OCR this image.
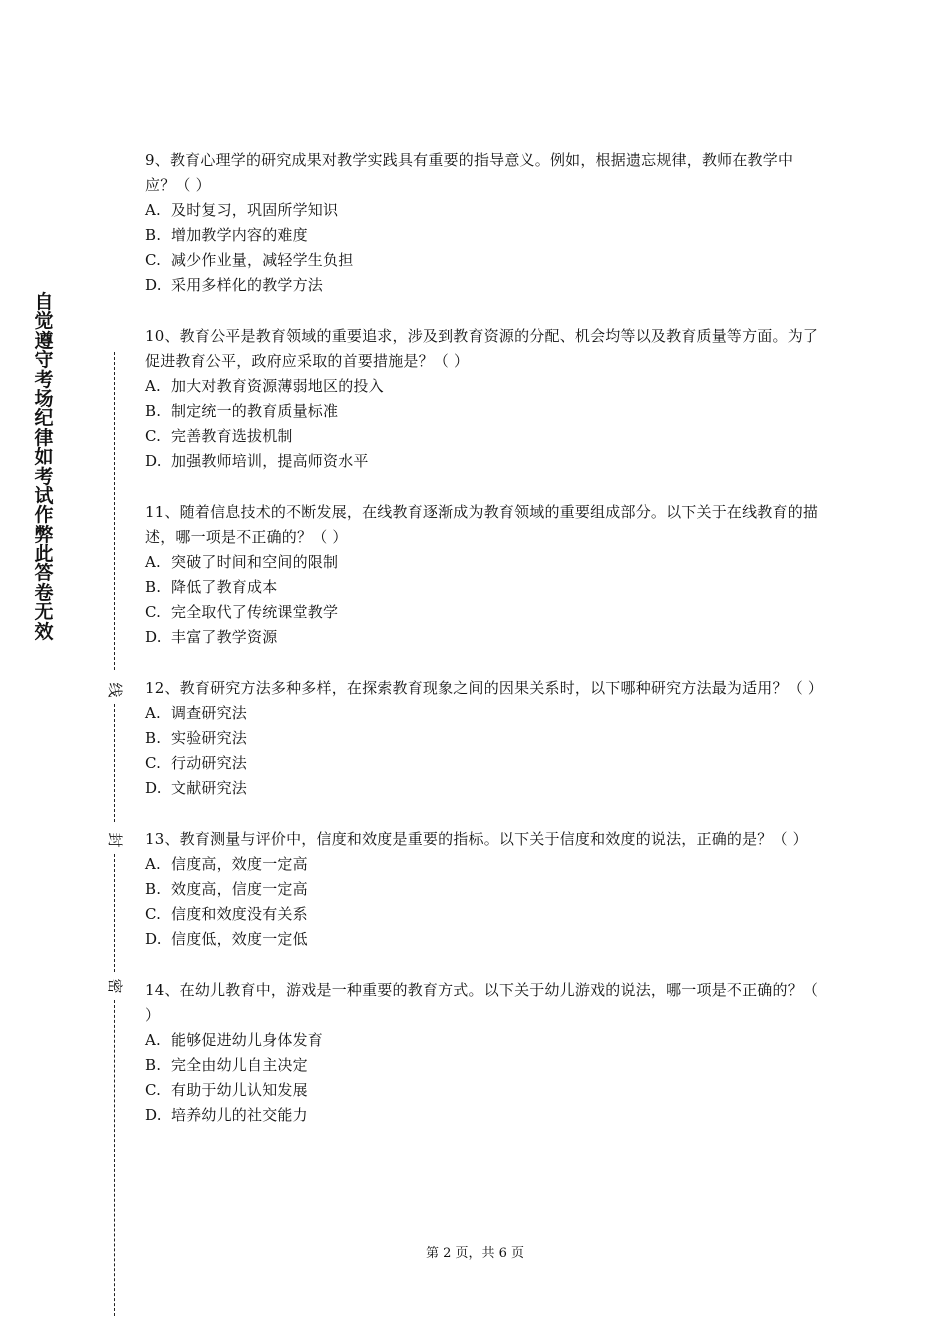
自
觉
遵
守
考
场
纪
律
如
考
试
作
弊
此
答
卷
无
效
线
封
密

9、教育心理学的研究成果对教学实践具有重要的指导意义。例如，根据遗忘规律，教师在教学中应？（ ）

A. 及时复习，巩固所学知识

B. 增加教学内容的难度

C. 减少作业量，减轻学生负担

D. 采用多样化的教学方法

10、教育公平是教育领域的重要追求，涉及到教育资源的分配、机会均等以及教育质量等方面。为了促进教育公平，政府应采取的首要措施是？（ ）

A. 加大对教育资源薄弱地区的投入

B. 制定统一的教育质量标准

C. 完善教育选拔机制

D. 加强教师培训，提高师资水平

11、随着信息技术的不断发展，在线教育逐渐成为教育领域的重要组成部分。以下关于在线教育的描述，哪一项是不正确的？（ ）

A. 突破了时间和空间的限制

B. 降低了教育成本

C. 完全取代了传统课堂教学

D. 丰富了教学资源

12、教育研究方法多种多样，在探索教育现象之间的因果关系时，以下哪种研究方法最为适用？（ ）

A. 调查研究法

B. 实验研究法

C. 行动研究法

D. 文献研究法

13、教育测量与评价中，信度和效度是重要的指标。以下关于信度和效度的说法，正确的是？（ ）

A. 信度高，效度一定高

B. 效度高，信度一定高

C. 信度和效度没有关系

D. 信度低，效度一定低

14、在幼儿教育中，游戏是一种重要的教育方式。以下关于幼儿游戏的说法，哪一项是不正确的？（ ）

A. 能够促进幼儿身体发育

B. 完全由幼儿自主决定

C. 有助于幼儿认知发展

D. 培养幼儿的社交能力

第 2 页，共 6 页
